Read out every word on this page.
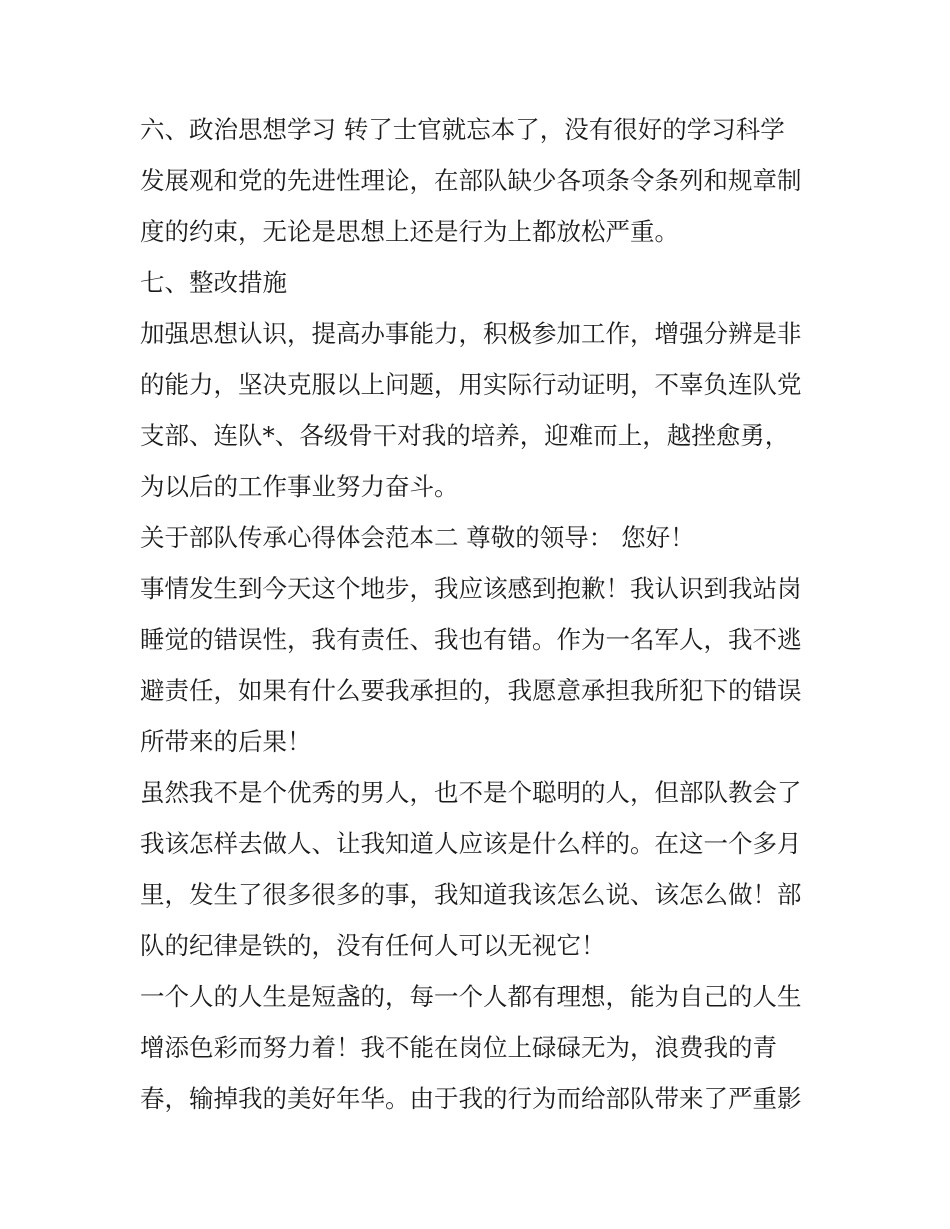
六、政治思想学习 转了士官就忘本了，没有很好的学习科学
发展观和党的先进性理论，在部队缺少各项条令条列和规章制
度的约束，无论是思想上还是行为上都放松严重。
七、整改措施
加强思想认识，提高办事能力，积极参加工作，增强分辨是非
的能力，坚决克服以上问题，用实际行动证明，不辜负连队党
支部、连队*、各级骨干对我的培养，迎难而上，越挫愈勇，
为以后的工作事业努力奋斗。
关于部队传承心得体会范本二 尊敬的领导： 您好！
事情发生到今天这个地步，我应该感到抱歉！我认识到我站岗
睡觉的错误性，我有责任、我也有错。作为一名军人，我不逃
避责任，如果有什么要我承担的，我愿意承担我所犯下的错误
所带来的后果！
虽然我不是个优秀的男人，也不是个聪明的人，但部队教会了
我该怎样去做人、让我知道人应该是什么样的。在这一个多月
里，发生了很多很多的事，我知道我该怎么说、该怎么做！部
队的纪律是铁的，没有任何人可以无视它！
一个人的人生是短盏的，每一个人都有理想，能为自己的人生
增添色彩而努力着！我不能在岗位上碌碌无为，浪费我的青
春，输掉我的美好年华。由于我的行为而给部队带来了严重影
